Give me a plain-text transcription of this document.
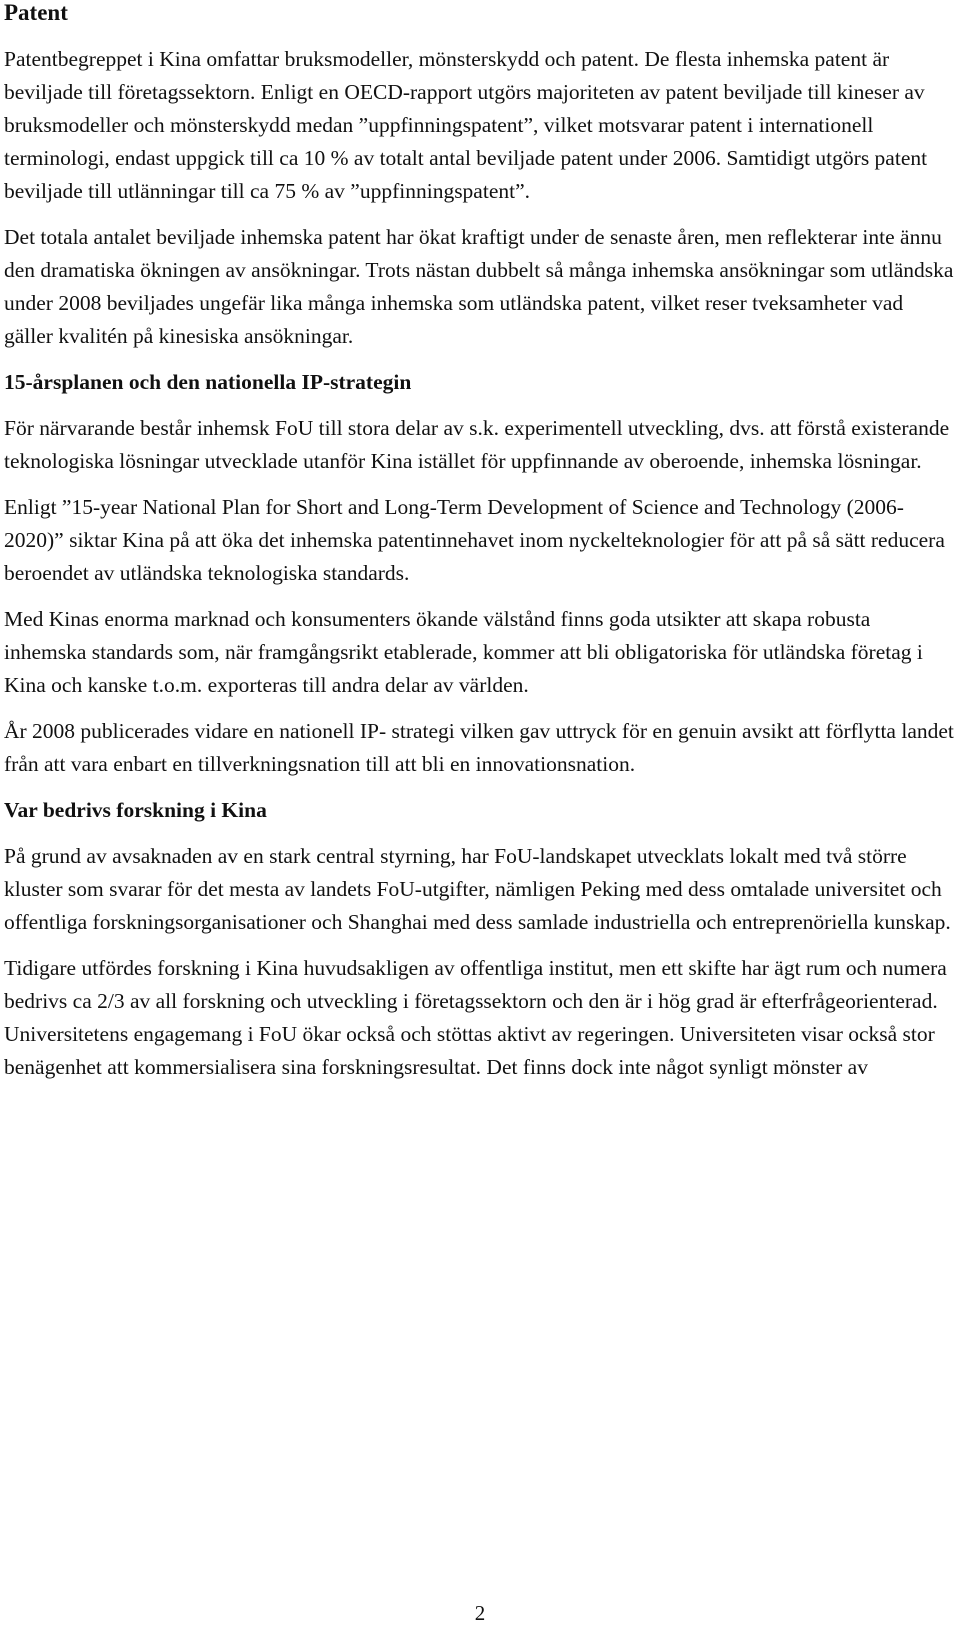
Patent

Patentbegreppet i Kina omfattar bruksmodeller, mönsterskydd och patent. De flesta inhemska patent är beviljade till företagssektorn. Enligt en OECD-rapport utgörs majoriteten av patent beviljade till kineser av bruksmodeller och mönsterskydd medan ”uppfinningspatent”, vilket motsvarar patent i internationell terminologi, endast uppgick till ca 10 % av totalt antal beviljade patent under 2006. Samtidigt utgörs patent beviljade till utlänningar till ca 75 % av ”uppfinningspatent”.

Det totala antalet beviljade inhemska patent har ökat kraftigt under de senaste åren, men reflekterar inte ännu den dramatiska ökningen av ansökningar. Trots nästan dubbelt så många inhemska ansökningar som utländska under 2008 beviljades ungefär lika många inhemska som utländska patent, vilket reser tveksamheter vad gäller kvalitén på kinesiska ansökningar.

15-årsplanen och den nationella IP-strategin

För närvarande består inhemsk FoU till stora delar av s.k. experimentell utveckling, dvs. att förstå existerande teknologiska lösningar utvecklade utanför Kina istället för uppfinnande av oberoende, inhemska lösningar.

Enligt ”15-year National Plan for Short and Long-Term Development of Science and Technology (2006-2020)” siktar Kina på att öka det inhemska patentinnehavet inom nyckelteknologier för att på så sätt reducera beroendet av utländska teknologiska standards.

Med Kinas enorma marknad och konsumenters ökande välstånd finns goda utsikter att skapa robusta inhemska standards som, när framgångsrikt etablerade, kommer att bli obligatoriska för utländska företag i Kina och kanske t.o.m. exporteras till andra delar av världen.

År 2008 publicerades vidare en nationell IP- strategi vilken gav uttryck för en genuin avsikt att förflytta landet från att vara enbart en tillverkningsnation till att bli en innovationsnation.

Var bedrivs forskning i Kina

På grund av avsaknaden av en stark central styrning, har FoU-landskapet utvecklats lokalt med två större kluster som svarar för det mesta av landets FoU-utgifter, nämligen Peking med dess omtalade universitet och offentliga forskningsorganisationer och Shanghai med dess samlade industriella och entreprenöriella kunskap.

Tidigare utfördes forskning i Kina huvudsakligen av offentliga institut, men ett skifte har ägt rum och numera bedrivs ca 2/3 av all forskning och utveckling i företagssektorn och den är i hög grad är efterfrågeorienterad. Universitetens engagemang i FoU ökar också och stöttas aktivt av regeringen. Universiteten visar också stor benägenhet att kommersialisera sina forskningsresultat. Det finns dock inte något synligt mönster av

2
